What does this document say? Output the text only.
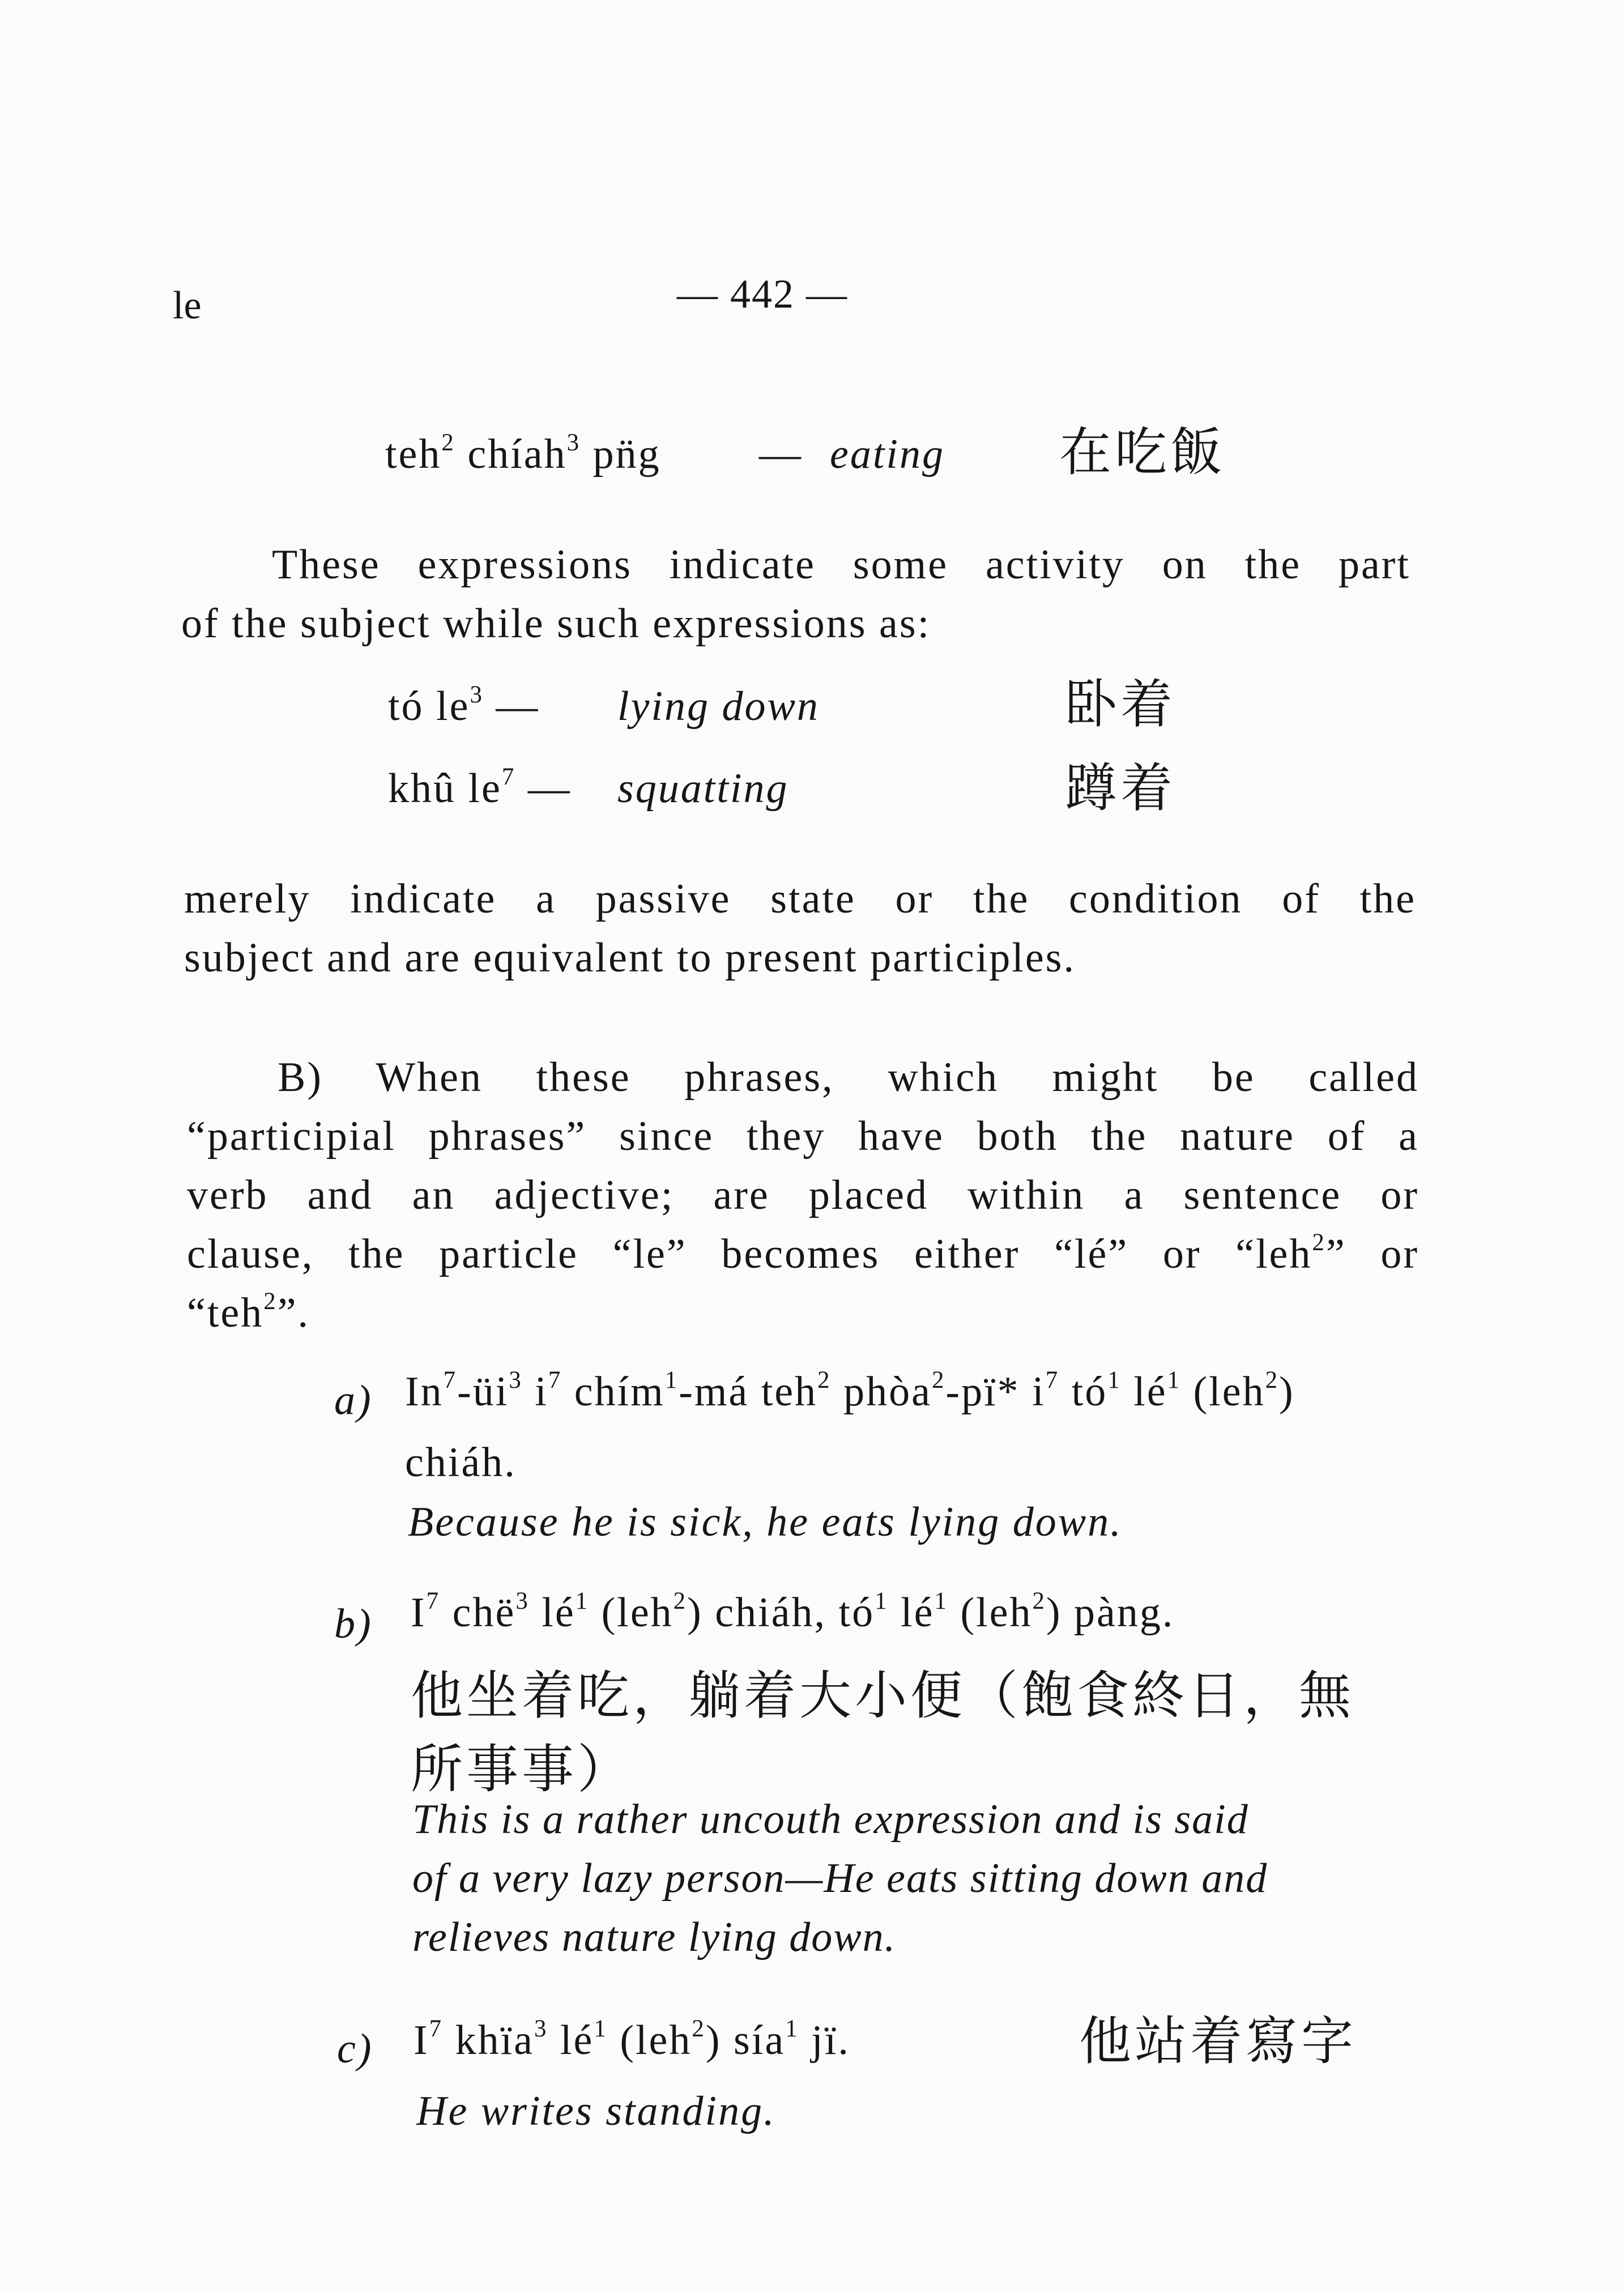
le	— 442 —
teh$^2$ chíah$^3$ pn̈g — eating 在吃飯
These expressions indicate some activity on the part
of the subject while such expressions as:
tó $le^3$ — lying down	卧着
khû $le^7$ — squatting	蹲着
merely indicate a passive state or the condition of the
subject and are equivalent to present participles.
B) When these phrases, which might be called
“participial phrases” since they have both the nature of a
verb and an adjective; are placed within a sentence or
clause, the particle “le” becomes either “lé” or “leh$^2$” or
“teh$^2$”.
a) $In^7-üi^3$ $i^7$ chím$^1$-má teh$^2$ phòa$^2$-pï* $i^7$ $tó^1$ $lé^1$ (leh$^2$)
chiáh.
Because he is sick, he eats lying down.
b) $I^7$ chë$^3$ $lé^1$ (leh$^2$) chiáh, $tó^1$ $lé^1$ (leh$^2$) pàng.
他坐着吃，躺着大小便（飽食終日，無
所事事）
This is a rather uncouth expression and is said
of a very lazy person—He eats sitting down and
relieves nature lying down.
c) $I^7$ khïa$^3$ $lé^1$ (leh$^2$) sía$^1$ jï.	他站着寫字
He writes standing.
